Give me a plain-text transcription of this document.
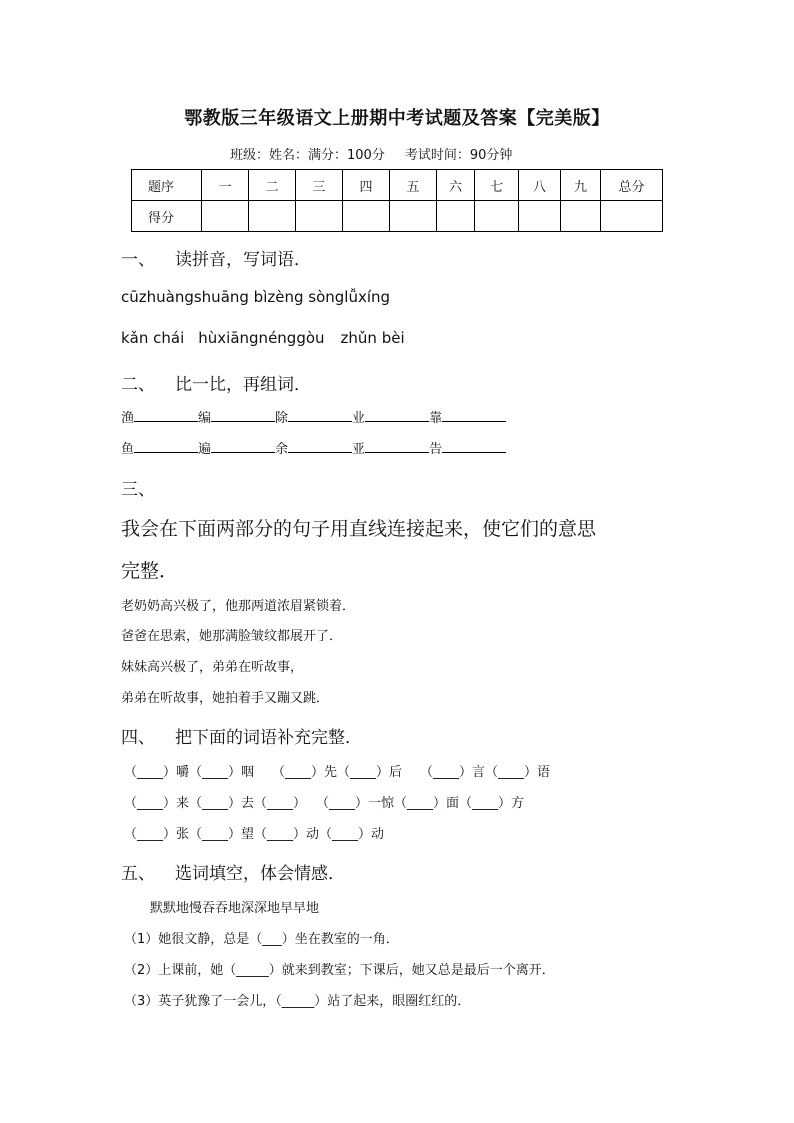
鄂教版三年级语文上册期中考试题及答案【完美版】
班级：姓名：满分：100分 考试时间：90分钟
题序	一	二	三	四	五	六	七	八	九	总分
得分										
一、 读拼音，写词语．
cūzhuàngshuāng bìzèng sònglǚxíng
kǎn chái hùxiāngnénggòu zhǔn bèi
二、 比一比，再组词．
渔	编	除	业	靠
鱼	遍	余	亚	告
三、
我会在下面两部分的句子用直线连接起来，使它们的意思
完整．
老奶奶高兴极了，他那两道浓眉紧锁着．
爸爸在思索，她那满脸皱纹都展开了．
妹妹高兴极了，弟弟在听故事，
弟弟在听故事，她拍着手又蹦又跳．
四、 把下面的词语补充完整．
（____）嚼（____）咽 （____）先（____）后 （____）言（____）语
（____）来（____）去（____） （____）一惊（____）面（____）方
（____）张（____）望（____）动（____）动
五、 选词填空，体会情感．
默默地慢吞吞地深深地早早地
（1）她很文静，总是（___）坐在教室的一角．
（2）上课前，她（_____）就来到教室；下课后，她又总是最后一个离开．
（3）英子犹豫了一会儿，（_____）站了起来，眼圈红红的．
